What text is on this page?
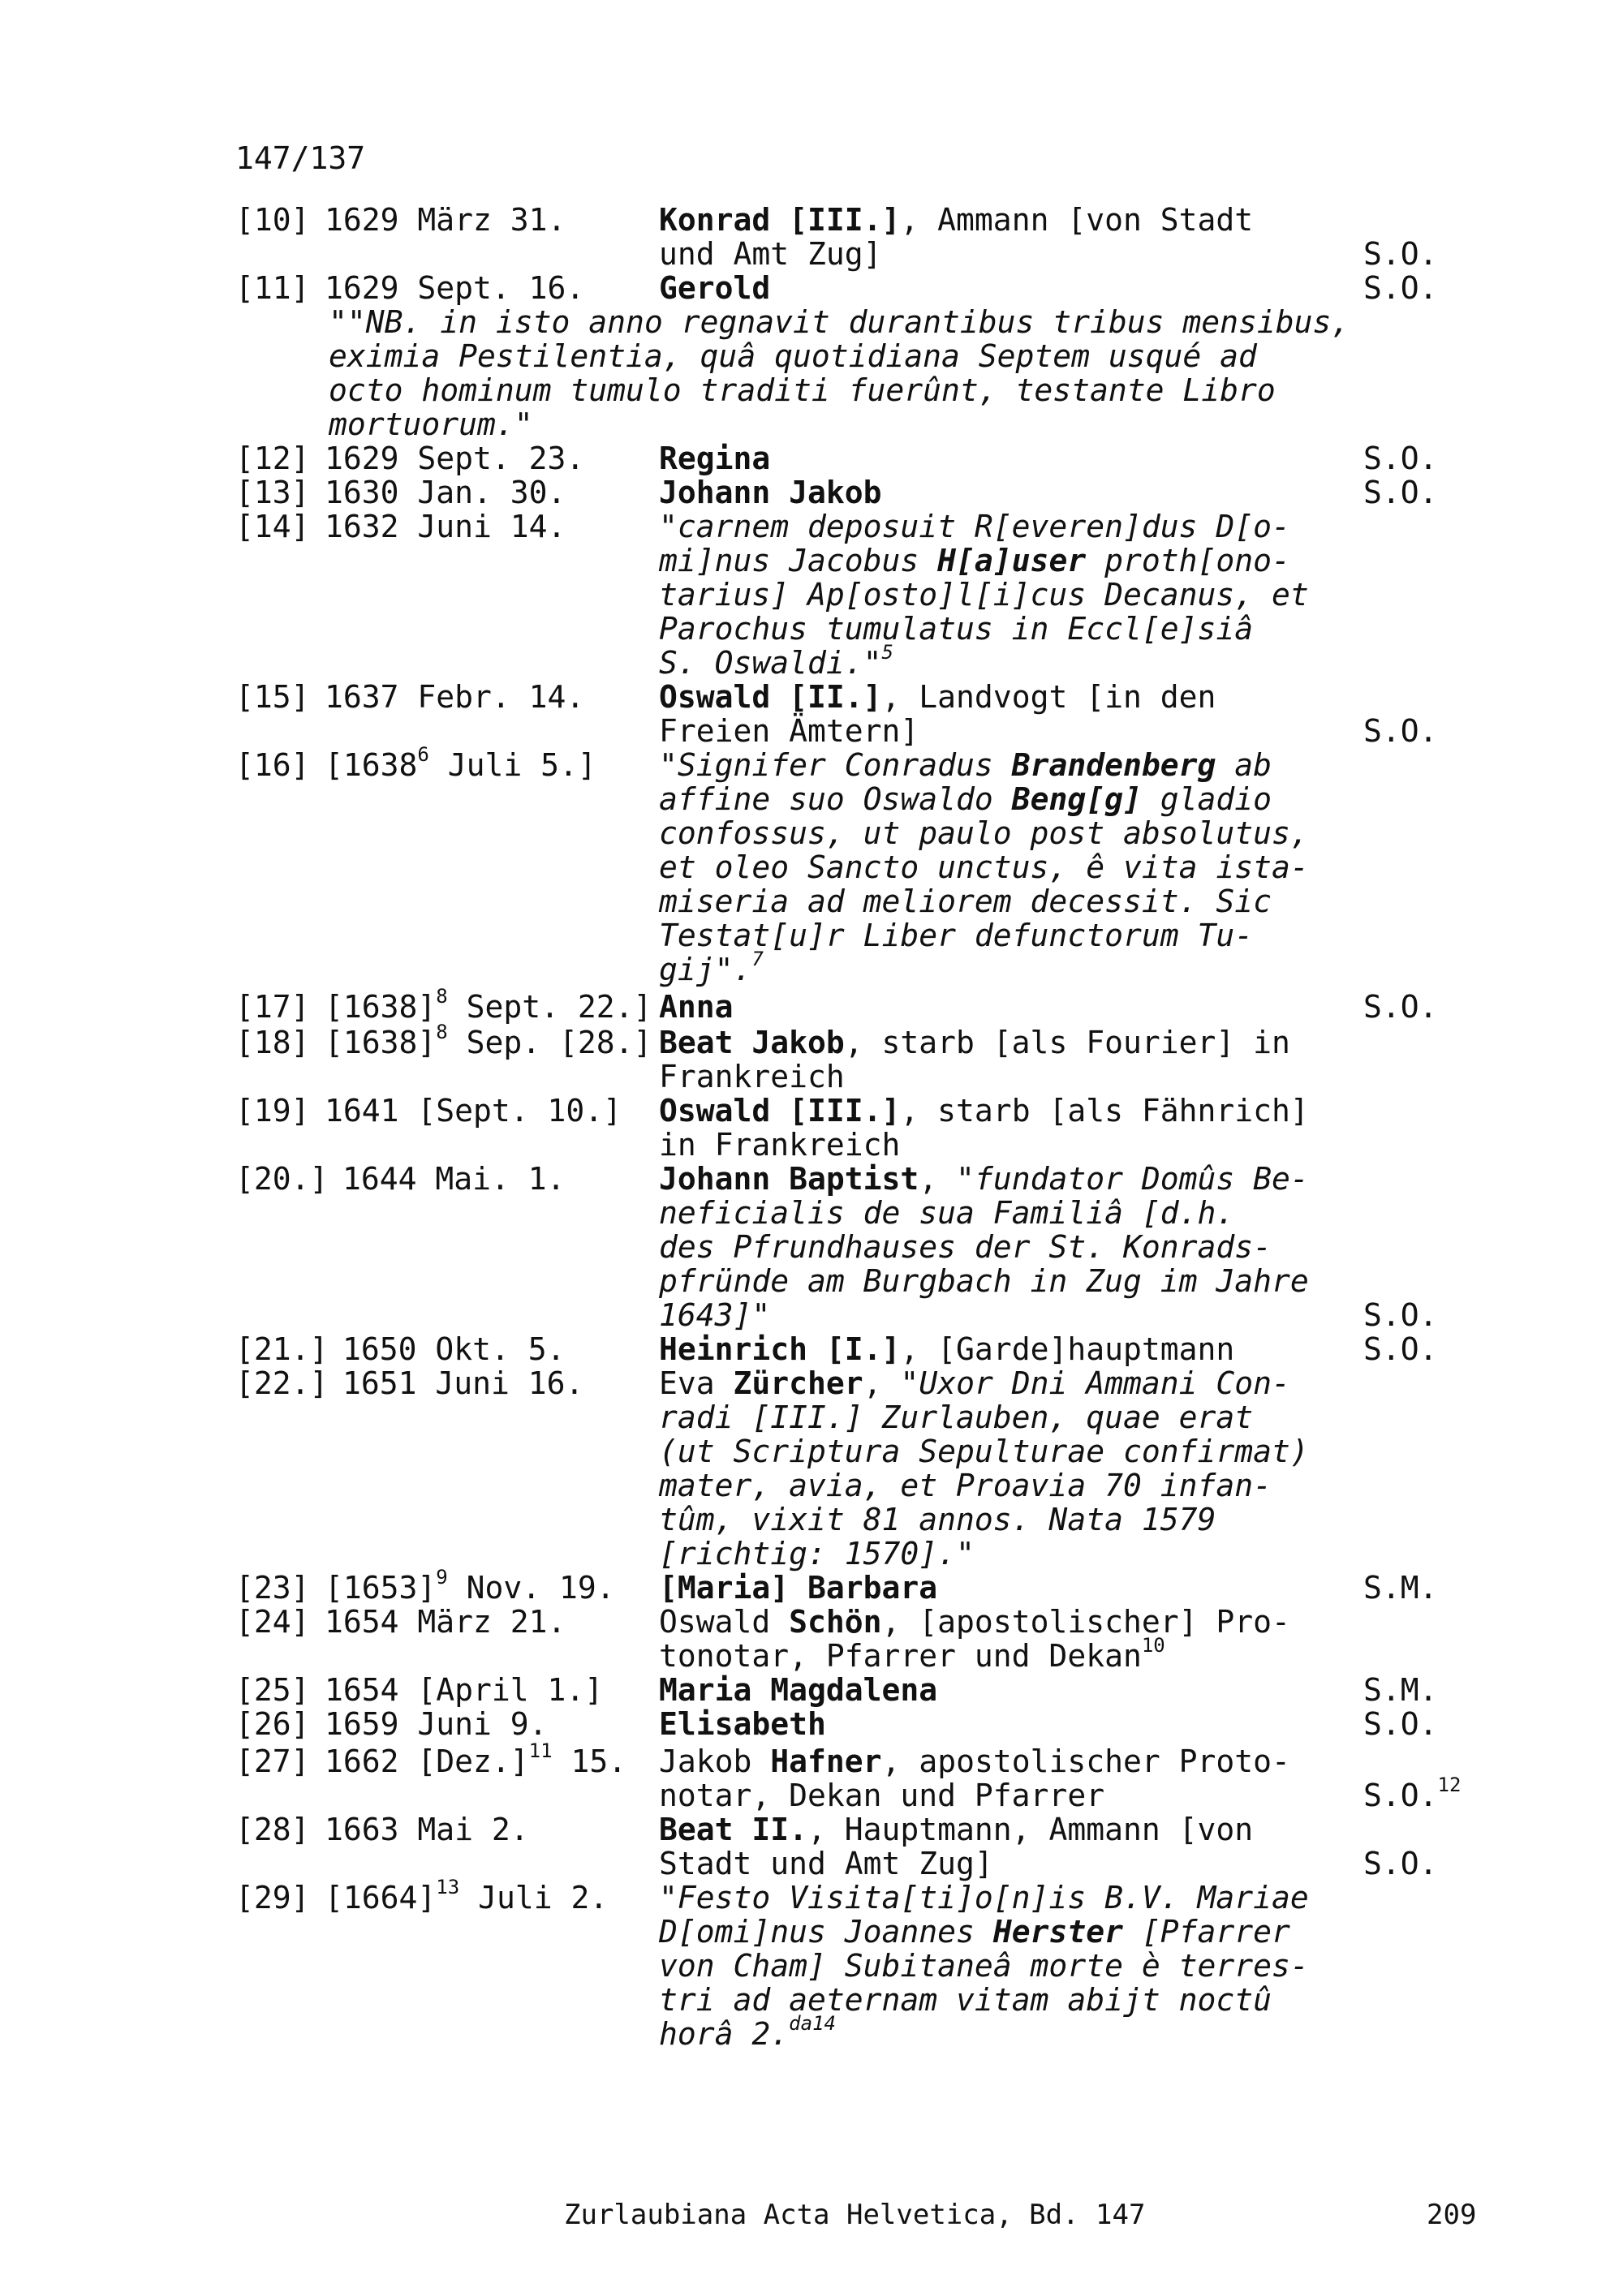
147/137
[10] 1629 März 31.	Konrad [III.], Ammann [von Stadt
und Amt Zug]	S.O.
[11] 1629 Sept. 16. Gerold	S.O.
""NB. in isto anno regnavit durantibus tribus mensibus,
eximia Pestilentia, quâ quotidiana Septem usqué ad
octo hominum tumulo traditi fuerûnt, testante Libro
mortuorum."
[12] 1629 Sept. 23. Regina	S.O.
[13] 1630 Jan. 30.	Johann Jakob	S.O.
[14] 1632 Juni 14.	"carnem deposuit R[everen]dus D[o-
mi]nus Jacobus H[a]user proth[ono-
tarius] Ap[osto]l[i]cus Decanus, et
Parochus tumulatus in Eccl[e]siâ
S. Oswaldi."$^5$
[15] 1637 Febr. 14. Oswald [II.], Landvogt [in den
Freien Ämtern]	S.O.
[16] [1638$^6$ Juli 5.] "Signifer Conradus Brandenberg ab
affine suo Oswaldo Beng[g] gladio
confossus, ut paulo post absolutus,
et oleo Sancto unctus, ê vita ista-
miseria ad meliorem decessit. Sic
Testat[u]r Liber defunctorum Tu-
gij".$^7$
[17] $[1638]^8$ Sept. 22.] Anna	S.O.
[18] $[1638]^8$ Sep. [28.] Beat Jakob, starb [als Fourier] in
Frankreich
[19] 1641 [Sept. 10.] Oswald [III.], starb [als Fähnrich]
in Frankreich
[20.] 1644 Mai. 1.	Johann Baptist, "fundator Domûs Be-
neficialis de sua Familiâ [d.h.
des Pfrundhauses der St. Konrads-
pfründe am Burgbach in Zug im Jahre
1643]"	S.O.
[21.] 1650 Okt. 5.	Heinrich [I.], [Garde]hauptmann	S.O.
[22.] 1651 Juni 16. Eva Zürcher, "Uxor Dni Ammani Con-
radi [III.] Zurlauben, quae erat
(ut Scriptura Sepulturae confirmat)
mater, avia, et Proavia 70 infan-
tûm, vixit 81 annos. Nata 1579
[richtig: 1570]."
[23] $[1653]^9$ Nov. 19. [Maria] Barbara	S.M.
[24] 1654 März 21.	Oswald Schön, [apostolischer] Pro-
tonotar, Pfarrer und Dekan$^{10}$
[25] 1654 [April 1.] Maria Magdalena	S.M.
[26] 1659 Juni 9.	Elisabeth	S.O.
[27] 1662 $[Dez.]^{11}$ 15. Jakob Hafner, apostolischer Proto-
notar, Dekan und Pfarrer	S.O.$^{12}$
[28] 1663 Mai 2.	Beat II., Hauptmann, Ammann [von
Stadt und Amt Zug]	S.O.
[29] $[1664]^{13}$ Juli 2. "Festo Visita[ti]o[n]is B.V. Mariae
D[omi]nus Joannes Herster [Pfarrer
von Cham] Subitaneâ morte è terres-
tri ad aeternam vitam abijt noctû
horâ 2.$^{da14}$
Zurlaubiana Acta Helvetica, Bd. 147	209
